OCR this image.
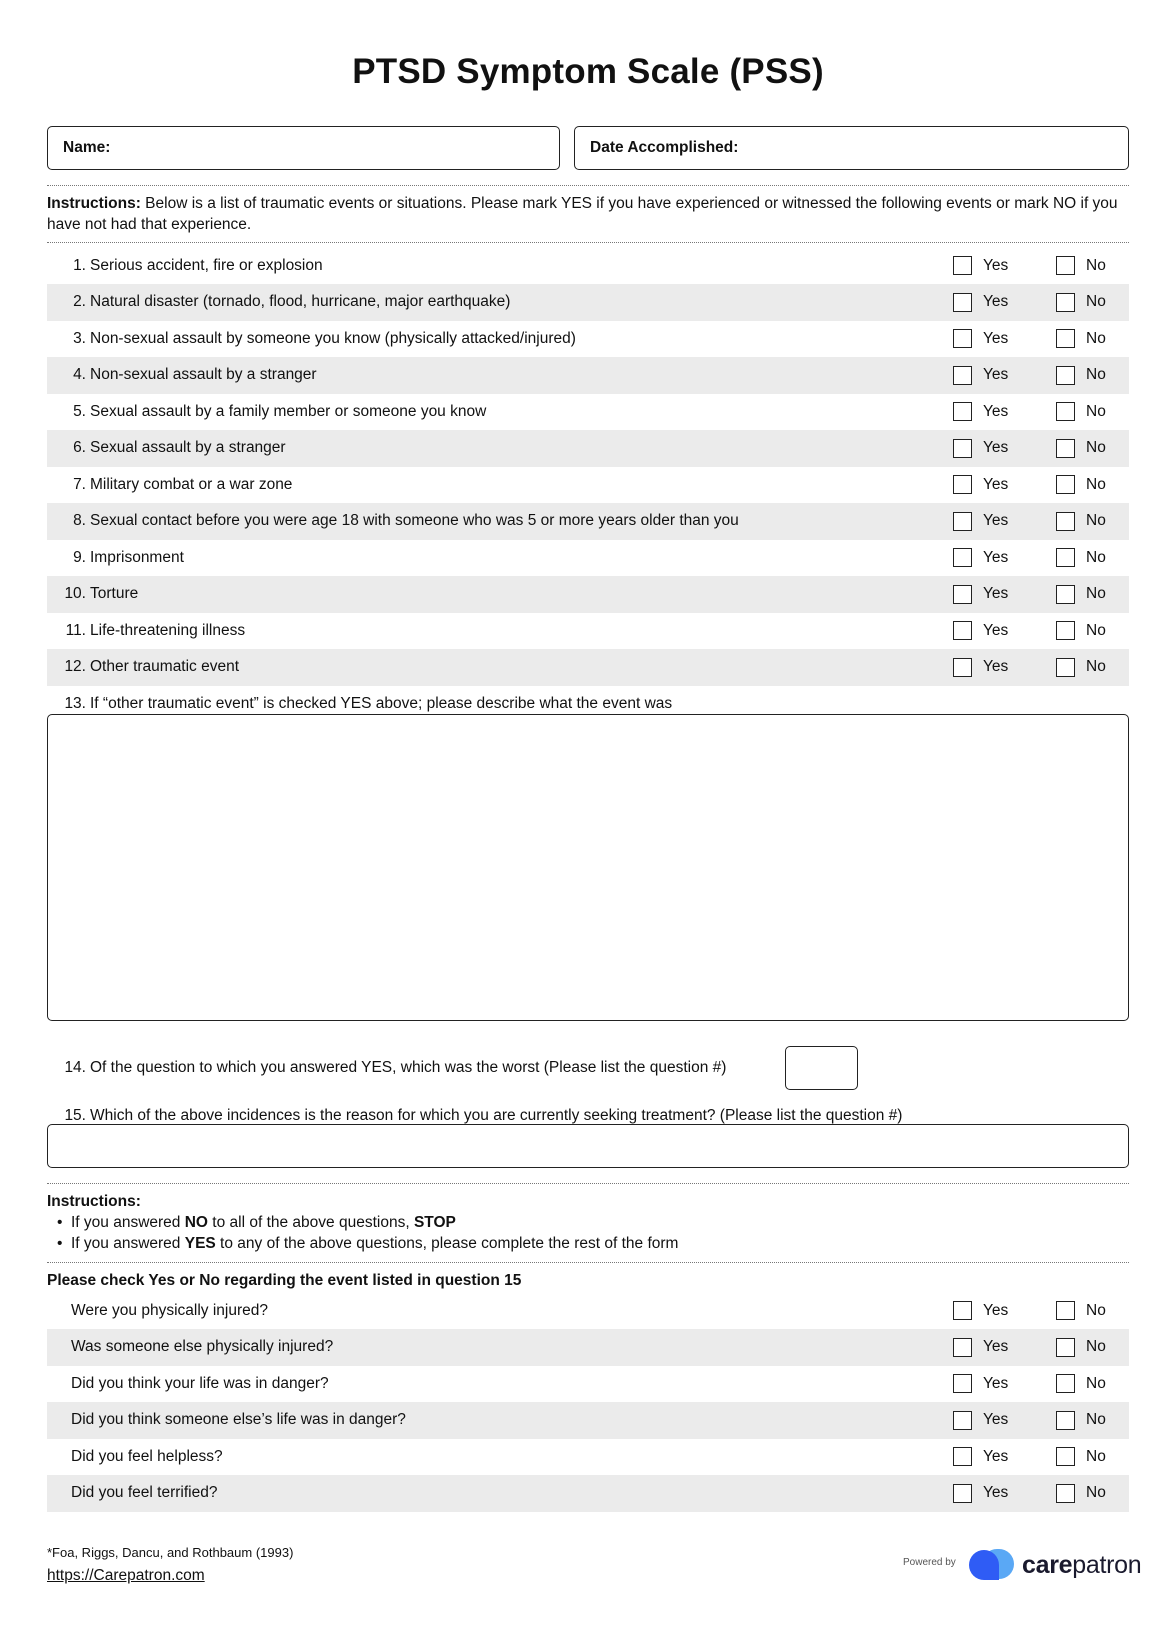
PTSD Symptom Scale (PSS)
Name:	Date Accomplished:
Instructions: Below is a list of traumatic events or situations. Please mark YES if you have experienced or witnessed the following events or mark NO if you have not had that experience.
1. Serious accident, fire or explosion	Yes	No
2. Natural disaster (tornado, flood, hurricane, major earthquake)	Yes	No
3. Non-sexual assault by someone you know (physically attacked/injured)	Yes	No
4. Non-sexual assault by a stranger	Yes	No
5. Sexual assault by a family member or someone you know	Yes	No
6. Sexual assault by a stranger	Yes	No
7. Military combat or a war zone	Yes	No
8. Sexual contact before you were age 18 with someone who was 5 or more years older than you	Yes	No
9. Imprisonment	Yes	No
10. Torture	Yes	No
11. Life-threatening illness	Yes	No
12. Other traumatic event	Yes	No
13. If “other traumatic event” is checked YES above; please describe what the event was
14. Of the question to which you answered YES, which was the worst (Please list the question #)
15. Which of the above incidences is the reason for which you are currently seeking treatment? (Please list the question #)
Instructions:
• If you answered NO to all of the above questions, STOP
• If you answered YES to any of the above questions, please complete the rest of the form
Please check Yes or No regarding the event listed in question 15
Were you physically injured?	Yes	No
Was someone else physically injured?	Yes	No
Did you think your life was in danger?	Yes	No
Did you think someone else’s life was in danger?	Yes	No
Did you feel helpless?	Yes	No
Did you feel terrified?	Yes	No
*Foa, Riggs, Dancu, and Rothbaum (1993)
https://Carepatron.com
Powered by	carepatron
